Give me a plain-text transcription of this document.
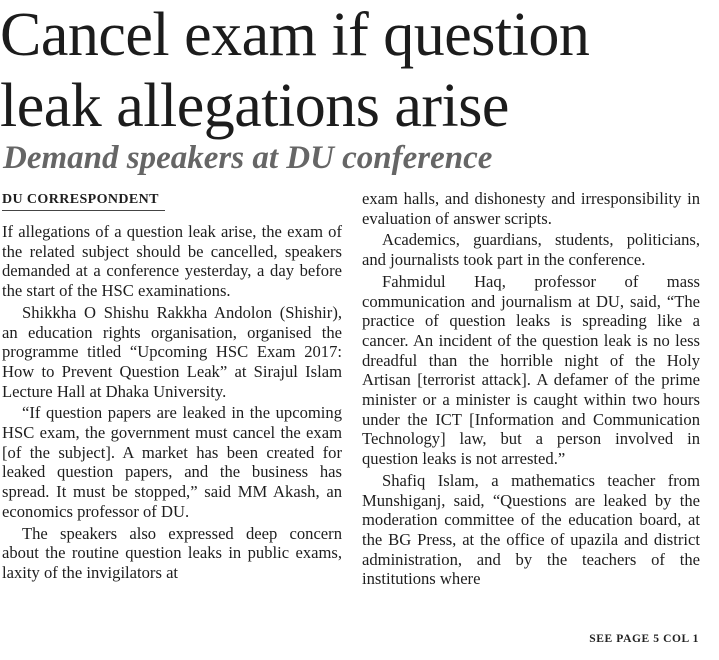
Cancel exam if question
leak allegations arise
Demand speakers at DU conference
DU CORRESPONDENT

If allegations of a question leak arise, the exam of the related subject should be cancelled, speakers demanded at a conference yesterday, a day before the start of the HSC examinations.

Shikkha O Shishu Rakkha Andolon (Shishir), an education rights organisation, organised the programme titled “Upcoming HSC Exam 2017: How to Prevent Question Leak” at Sirajul Islam Lecture Hall at Dhaka University.

“If question papers are leaked in the upcoming HSC exam, the government must cancel the exam [of the subject]. A market has been created for leaked question papers, and the business has spread. It must be stopped,” said MM Akash, an economics professor of DU.

The speakers also expressed deep concern about the routine question leaks in public exams, laxity of the invigilators at

exam halls, and dishonesty and irresponsibility in evaluation of answer scripts.

Academics, guardians, students, politicians, and journalists took part in the conference.

Fahmidul Haq, professor of mass communication and journalism at DU, said, “The practice of question leaks is spreading like a cancer. An incident of the question leak is no less dreadful than the horrible night of the Holy Artisan [terrorist attack]. A defamer of the prime minister or a minister is caught within two hours under the ICT [Information and Communication Technology] law, but a person involved in question leaks is not arrested.”

Shafiq Islam, a mathematics teacher from Munshiganj, said, “Questions are leaked by the moderation committee of the education board, at the BG Press, at the office of upazila and district administration, and by the teachers of the institutions where

SEE PAGE 5 COL 1
